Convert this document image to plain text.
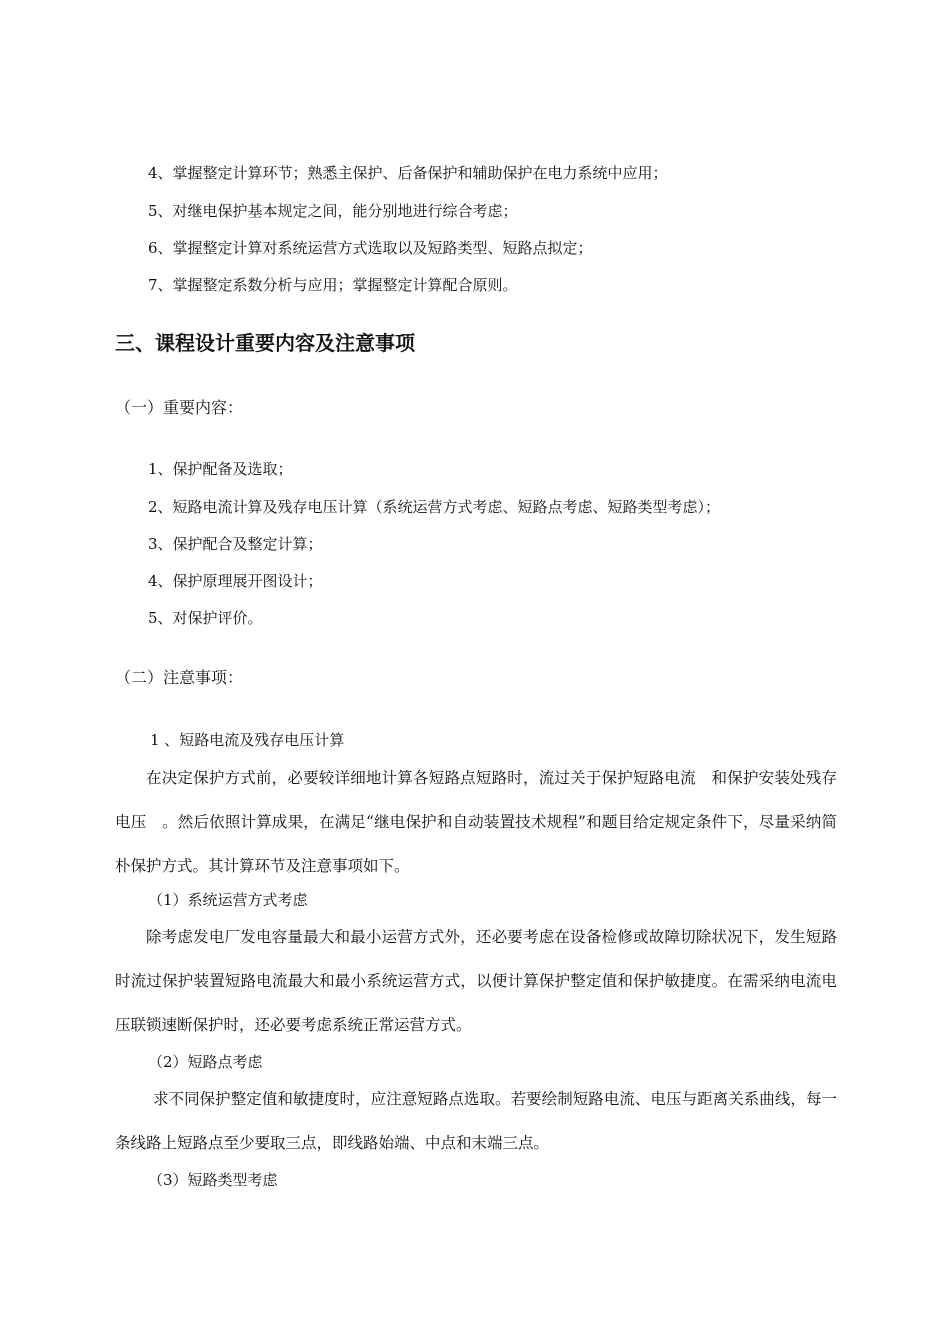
4、掌握整定计算环节；熟悉主保护、后备保护和辅助保护在电力系统中应用；
5、对继电保护基本规定之间，能分别地进行综合考虑；
6、掌握整定计算对系统运营方式选取以及短路类型、短路点拟定；
7、掌握整定系数分析与应用；掌握整定计算配合原则。
三、课程设计重要内容及注意事项
（一）重要内容：
1、保护配备及选取；
2、短路电流计算及残存电压计算（系统运营方式考虑、短路点考虑、短路类型考虑）；
3、保护配合及整定计算；
4、保护原理展开图设计；
5、对保护评价。
（二）注意事项：
1 、短路电流及残存电压计算
在决定保护方式前，必要较详细地计算各短路点短路时，流过关于保护短路电流　和保护安装处残存电压　。然后依照计算成果，在满足“继电保护和自动装置技术规程”和题目给定规定条件下，尽量采纳简朴保护方式。其计算环节及注意事项如下。
（1）系统运营方式考虑
除考虑发电厂发电容量最大和最小运营方式外，还必要考虑在设备检修或故障切除状况下，发生短路时流过保护装置短路电流最大和最小系统运营方式，以便计算保护整定值和保护敏捷度。在需采纳电流电压联锁速断保护时，还必要考虑系统正常运营方式。
（2）短路点考虑
求不同保护整定值和敏捷度时，应注意短路点选取。若要绘制短路电流、电压与距离关系曲线，每一条线路上短路点至少要取三点，即线路始端、中点和末端三点。
（3）短路类型考虑
